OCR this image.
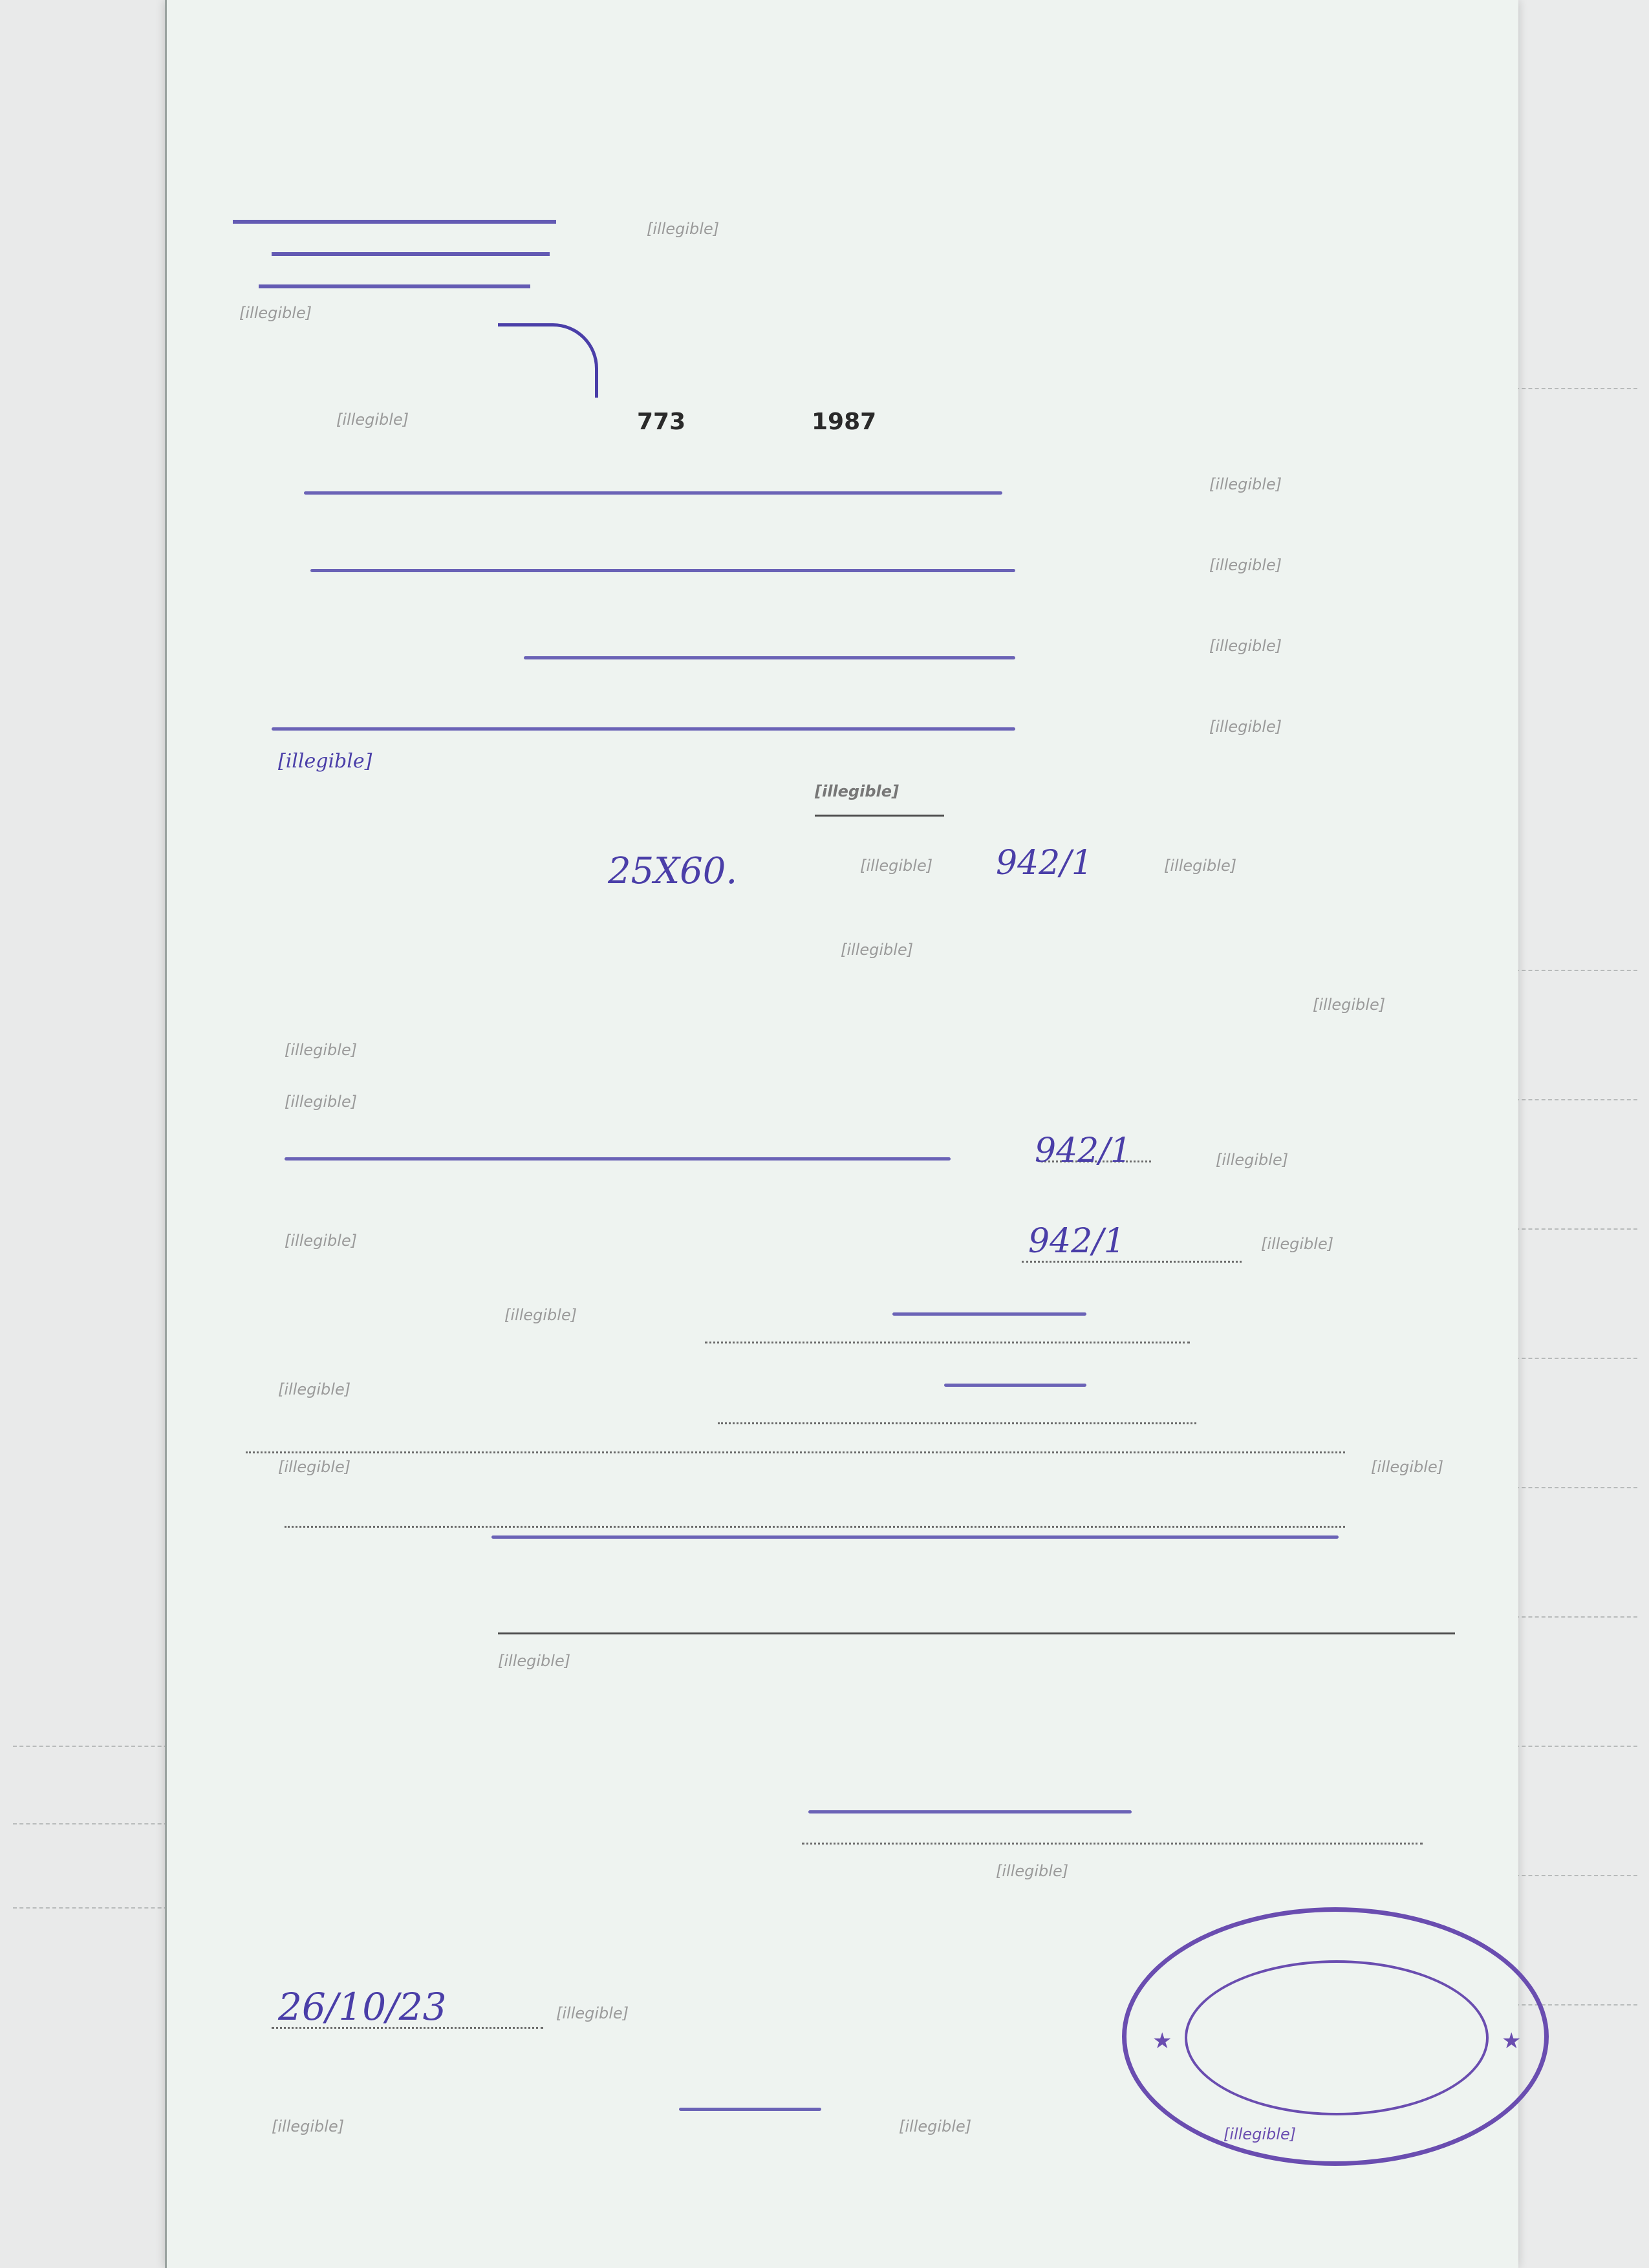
[illegible]
[illegible]
[illegible]	773	1987
[illegible]
[illegible]
[illegible]
[illegible]
[illegible]
[illegible]
25X60.	[illegible] 942/1	[illegible]
[illegible]
[illegible]
[illegible]
[illegible]
942/1	[illegible]
[illegible]	942/1	[illegible]
[illegible]
[illegible]
[illegible]	[illegible]
[illegible]
[illegible]
★	★
[illegible]
[illegible]
26/10/23
[illegible]
[illegible]
